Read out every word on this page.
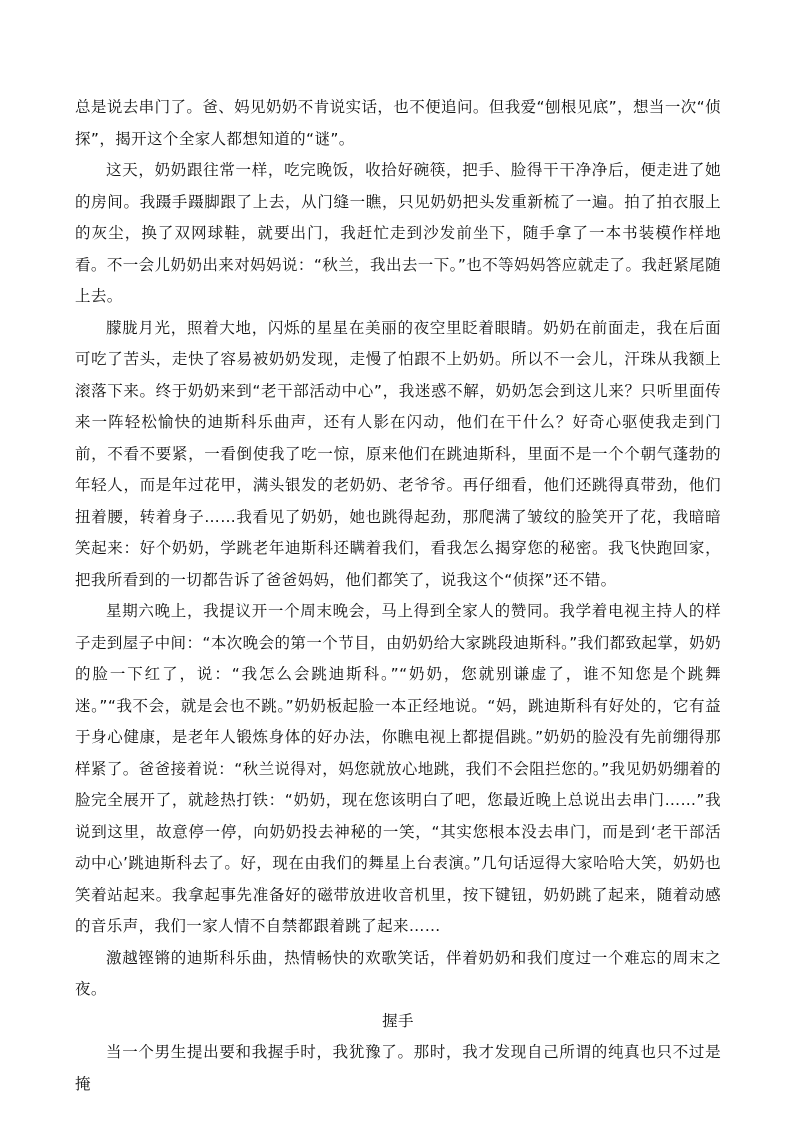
总是说去串门了。爸、妈见奶奶不肯说实话，也不便追问。但我爱“刨根见底”，想当一次“侦探”，揭开这个全家人都想知道的“谜”。

这天，奶奶跟往常一样，吃完晚饭，收拾好碗筷，把手、脸得干干净净后，便走进了她的房间。我蹑手蹑脚跟了上去，从门缝一瞧，只见奶奶把头发重新梳了一遍。拍了拍衣服上的灰尘，换了双网球鞋，就要出门，我赶忙走到沙发前坐下，随手拿了一本书装模作样地看。不一会儿奶奶出来对妈妈说：“秋兰，我出去一下。”也不等妈妈答应就走了。我赶紧尾随上去。

朦胧月光，照着大地，闪烁的星星在美丽的夜空里眨着眼睛。奶奶在前面走，我在后面可吃了苦头，走快了容易被奶奶发现，走慢了怕跟不上奶奶。所以不一会儿，汗珠从我额上滚落下来。终于奶奶来到“老干部活动中心”，我迷惑不解，奶奶怎会到这儿来？只听里面传来一阵轻松愉快的迪斯科乐曲声，还有人影在闪动，他们在干什么？好奇心驱使我走到门前，不看不要紧，一看倒使我了吃一惊，原来他们在跳迪斯科，里面不是一个个朝气蓬勃的年轻人，而是年过花甲，满头银发的老奶奶、老爷爷。再仔细看，他们还跳得真带劲，他们扭着腰，转着身子……我看见了奶奶，她也跳得起劲，那爬满了皱纹的脸笑开了花，我暗暗笑起来：好个奶奶，学跳老年迪斯科还瞒着我们，看我怎么揭穿您的秘密。我飞快跑回家，把我所看到的一切都告诉了爸爸妈妈，他们都笑了，说我这个“侦探”还不错。

星期六晚上，我提议开一个周末晚会，马上得到全家人的赞同。我学着电视主持人的样子走到屋子中间：“本次晚会的第一个节目，由奶奶给大家跳段迪斯科。”我们都致起掌，奶奶的脸一下红了，说：“我怎么会跳迪斯科。”“奶奶，您就别谦虚了，谁不知您是个跳舞迷。”“我不会，就是会也不跳。”奶奶板起脸一本正经地说。“妈，跳迪斯科有好处的，它有益于身心健康，是老年人锻炼身体的好办法，你瞧电视上都提倡跳。”奶奶的脸没有先前绷得那样紧了。爸爸接着说：“秋兰说得对，妈您就放心地跳，我们不会阻拦您的。”我见奶奶绷着的脸完全展开了，就趁热打铁：“奶奶，现在您该明白了吧，您最近晚上总说出去串门……”我说到这里，故意停一停，向奶奶投去神秘的一笑，“其实您根本没去串门，而是到‘老干部活动中心’跳迪斯科去了。好，现在由我们的舞星上台表演。”几句话逗得大家哈哈大笑，奶奶也笑着站起来。我拿起事先准备好的磁带放进收音机里，按下键钮，奶奶跳了起来，随着动感的音乐声，我们一家人情不自禁都跟着跳了起来……

激越铿锵的迪斯科乐曲，热情畅快的欢歌笑话，伴着奶奶和我们度过一个难忘的周末之夜。

握手

当一个男生提出要和我握手时，我犹豫了。那时，我才发现自己所谓的纯真也只不过是掩
